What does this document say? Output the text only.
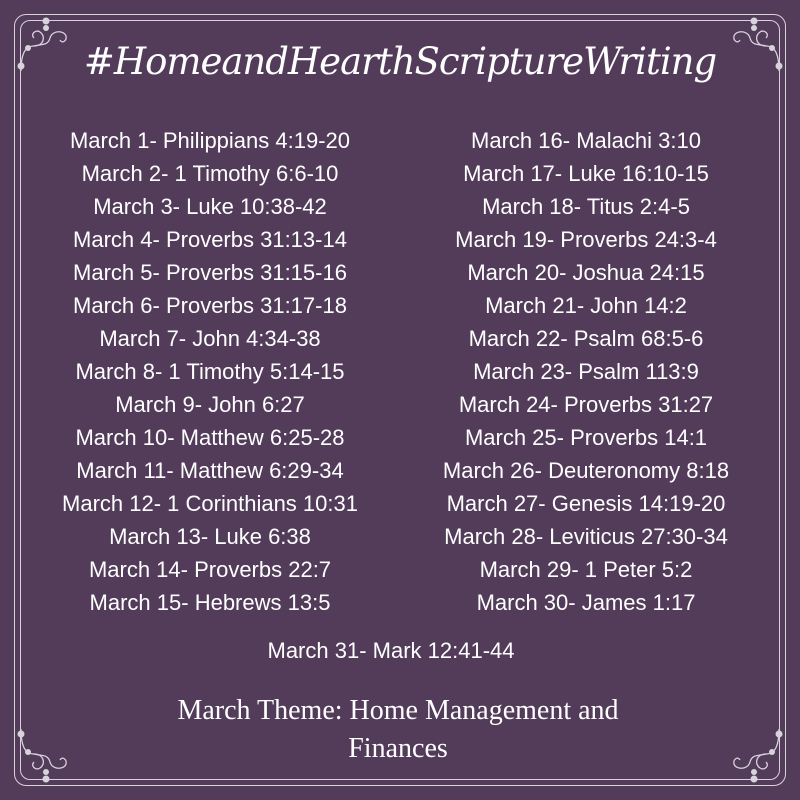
#HomeandHearthScriptureWriting
March 1- Philippians 4:19-20
March 2- 1 Timothy 6:6-10
March 3- Luke 10:38-42
March 4- Proverbs 31:13-14
March 5- Proverbs 31:15-16
March 6- Proverbs 31:17-18
March 7- John 4:34-38
March 8- 1 Timothy 5:14-15
March 9- John 6:27
March 10- Matthew 6:25-28
March 11- Matthew 6:29-34
March 12- 1 Corinthians 10:31
March 13- Luke 6:38
March 14- Proverbs 22:7
March 15- Hebrews 13:5
March 16- Malachi 3:10
March 17- Luke 16:10-15
March 18- Titus 2:4-5
March 19- Proverbs 24:3-4
March 20- Joshua 24:15
March 21- John 14:2
March 22- Psalm 68:5-6
March 23- Psalm 113:9
March 24- Proverbs 31:27
March 25- Proverbs 14:1
March 26- Deuteronomy 8:18
March 27- Genesis 14:19-20
March 28- Leviticus 27:30-34
March 29- 1 Peter 5:2
March 30- James 1:17
March 31- Mark 12:41-44
March Theme: Home Management and
Finances
